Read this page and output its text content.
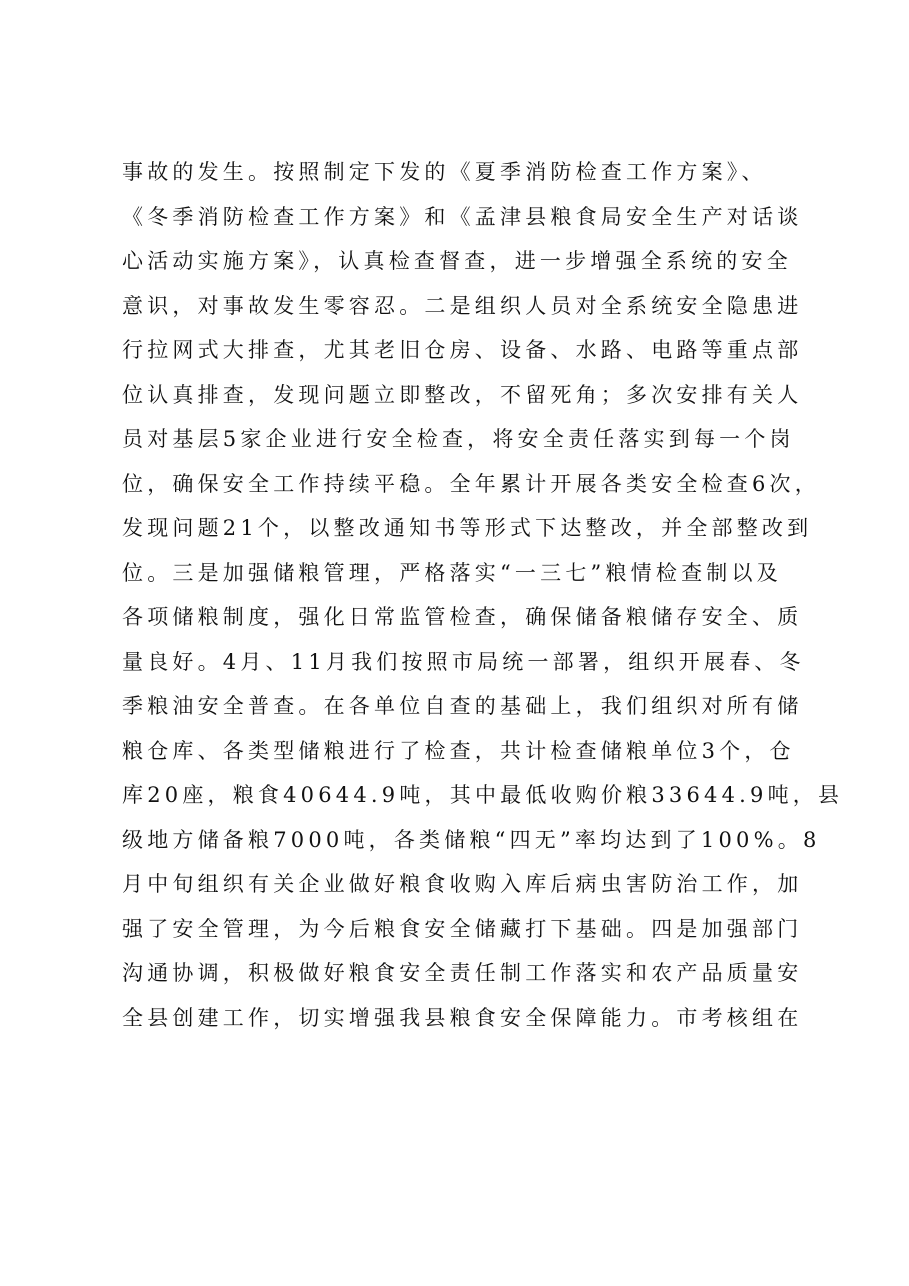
事故的发生。按照制定下发的《夏季消防检查工作方案》、
《冬季消防检查工作方案》和《孟津县粮食局安全生产对话谈
心活动实施方案》，认真检查督查，进一步增强全系统的安全
意识，对事故发生零容忍。二是组织人员对全系统安全隐患进
行拉网式大排查，尤其老旧仓房、设备、水路、电路等重点部
位认真排查，发现问题立即整改，不留死角；多次安排有关人
员对基层5家企业进行安全检查，将安全责任落实到每一个岗
位，确保安全工作持续平稳。全年累计开展各类安全检查6次，
发现问题21个，以整改通知书等形式下达整改，并全部整改到
位。三是加强储粮管理，严格落实“一三七”粮情检查制以及
各项储粮制度，强化日常监管检查，确保储备粮储存安全、质
量良好。4月、11月我们按照市局统一部署，组织开展春、冬
季粮油安全普查。在各单位自查的基础上，我们组织对所有储
粮仓库、各类型储粮进行了检查，共计检查储粮单位3个，仓
库20座，粮食40644.9吨，其中最低收购价粮33644.9吨，县
级地方储备粮7000吨，各类储粮“四无”率均达到了100%。8
月中旬组织有关企业做好粮食收购入库后病虫害防治工作，加
强了安全管理，为今后粮食安全储藏打下基础。四是加强部门
沟通协调，积极做好粮食安全责任制工作落实和农产品质量安
全县创建工作，切实增强我县粮食安全保障能力。市考核组在
